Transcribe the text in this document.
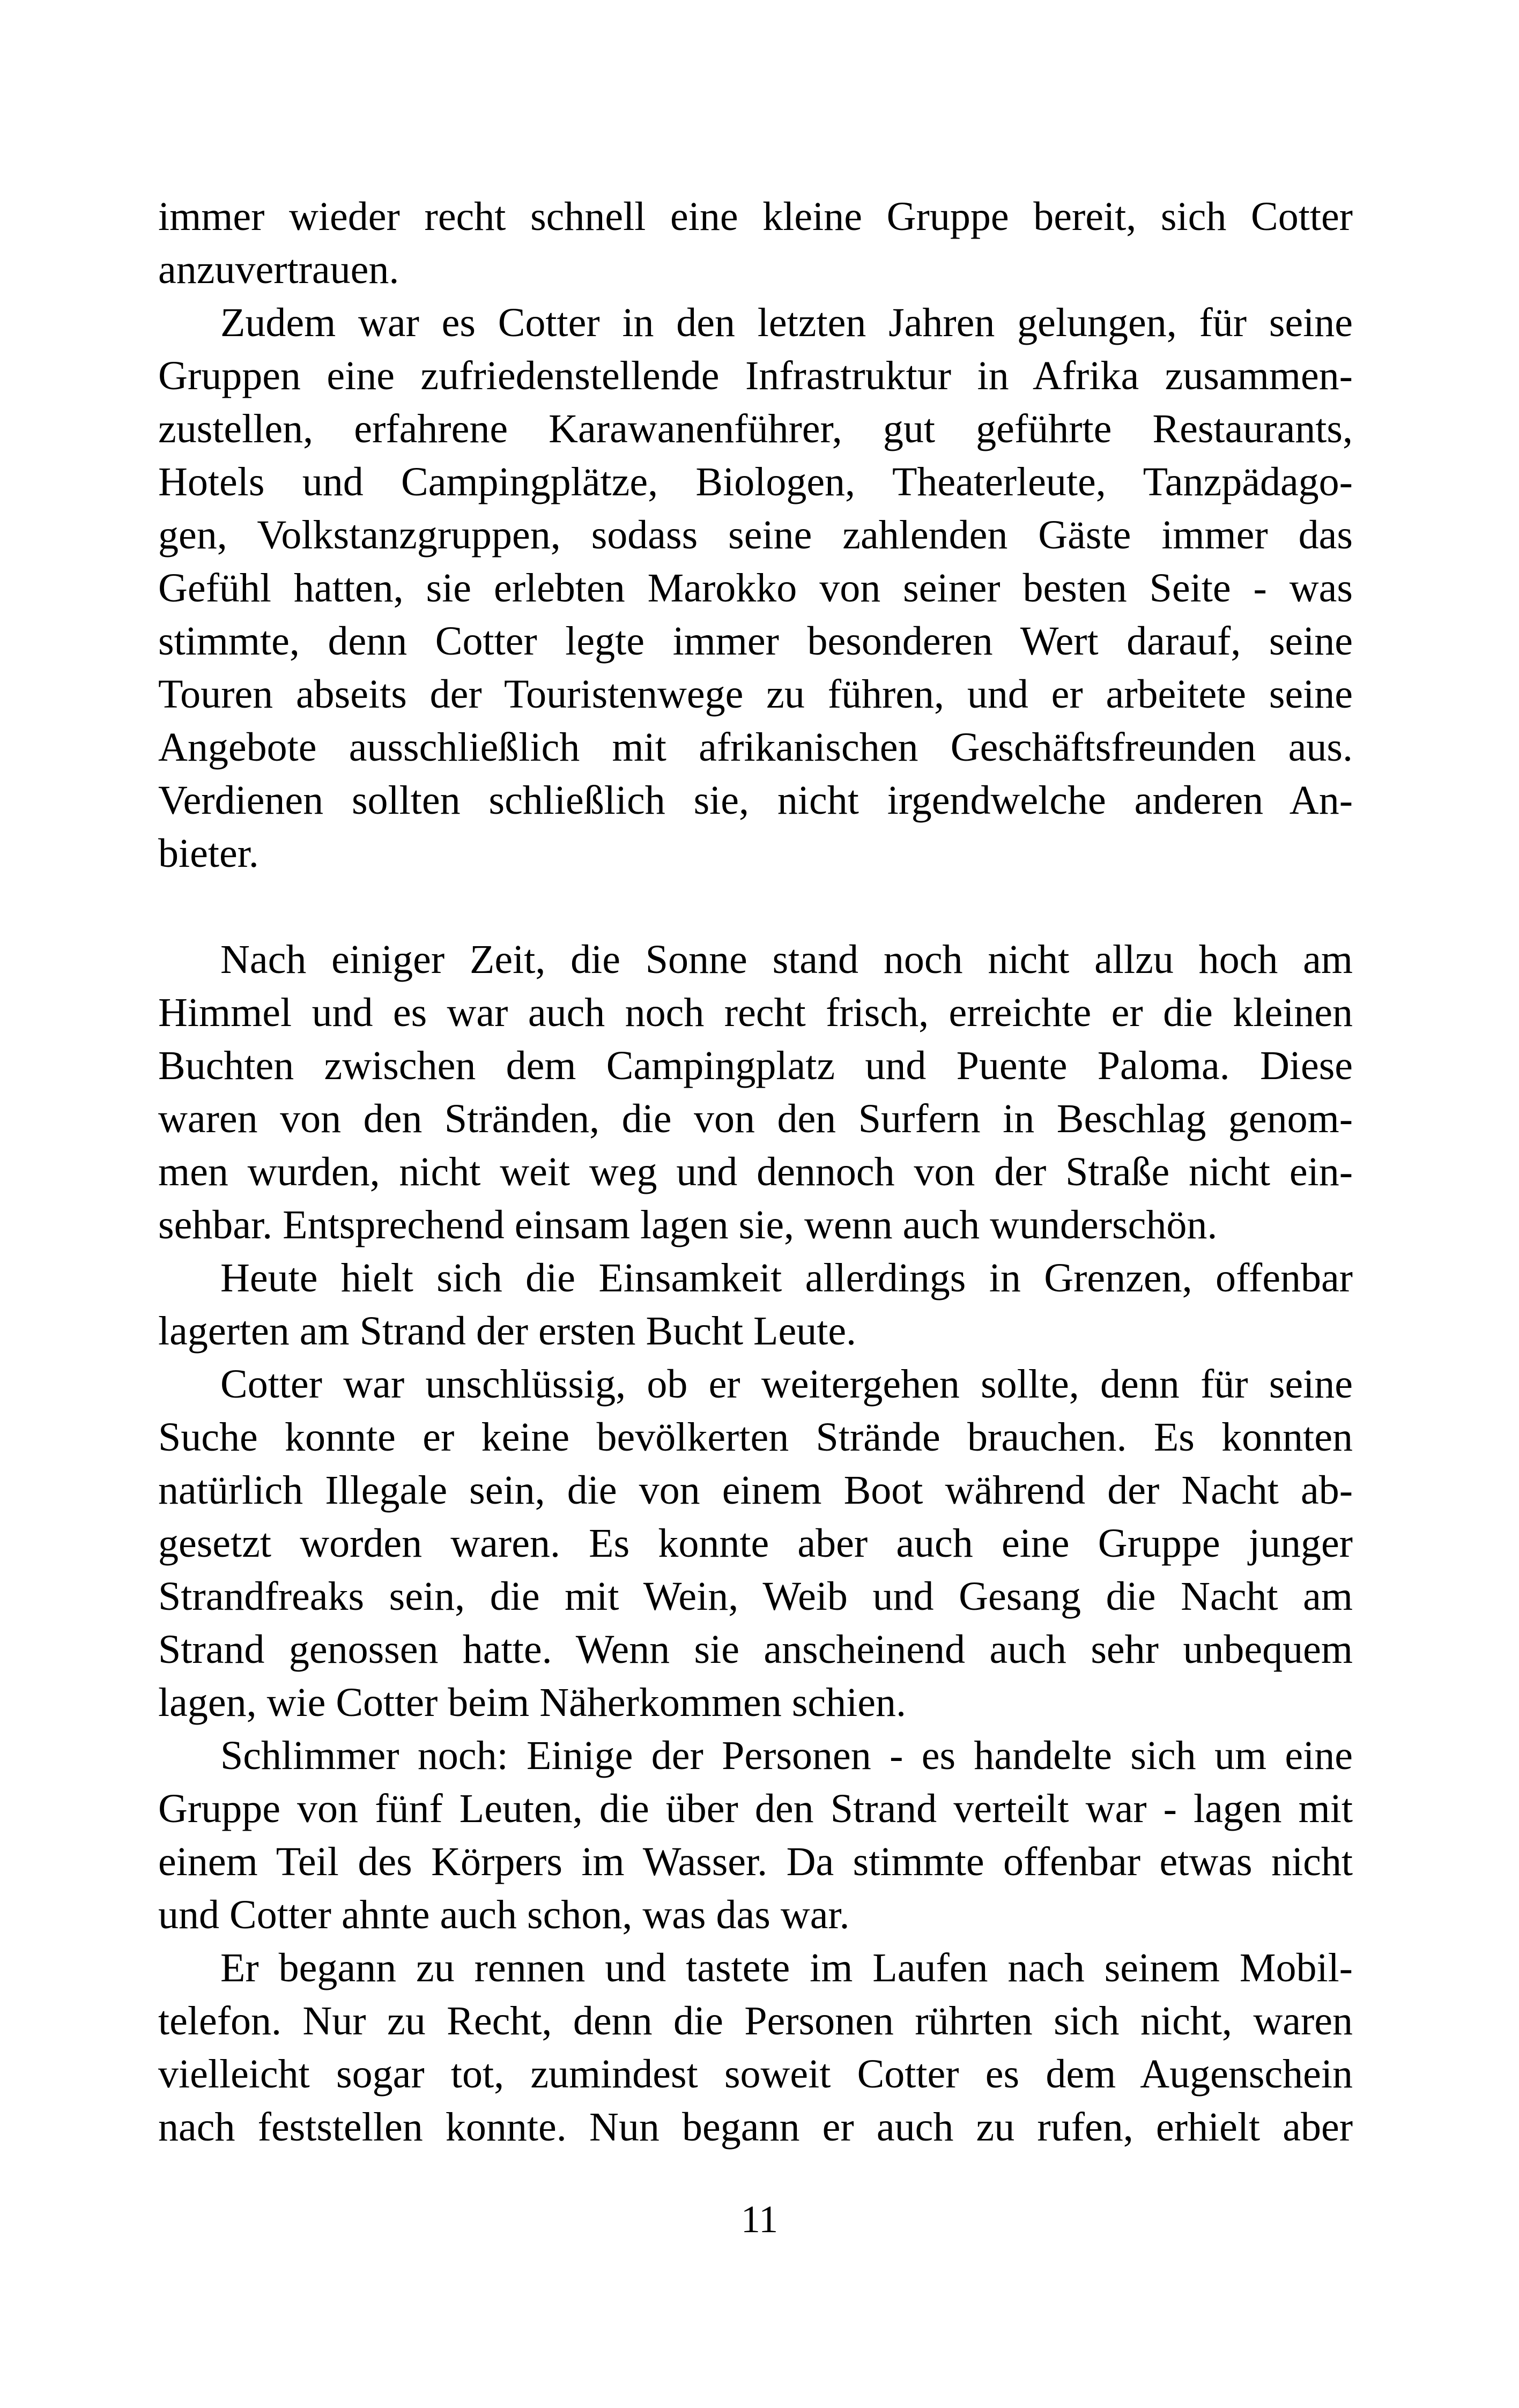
immer wieder recht schnell eine kleine Gruppe bereit, sich Cotter
anzuvertrauen.
Zudem war es Cotter in den letzten Jahren gelungen, für seine
Gruppen eine zufriedenstellende Infrastruktur in Afrika zusammen-
zustellen, erfahrene Karawanenführer, gut geführte Restaurants,
Hotels und Campingplätze, Biologen, Theaterleute, Tanzpädago-
gen, Volkstanzgruppen, sodass seine zahlenden Gäste immer das
Gefühl hatten, sie erlebten Marokko von seiner besten Seite - was
stimmte, denn Cotter legte immer besonderen Wert darauf, seine
Touren abseits der Touristenwege zu führen, und er arbeitete seine
Angebote ausschließlich mit afrikanischen Geschäftsfreunden aus.
Verdienen sollten schließlich sie, nicht irgendwelche anderen An-
bieter.
Nach einiger Zeit, die Sonne stand noch nicht allzu hoch am
Himmel und es war auch noch recht frisch, erreichte er die kleinen
Buchten zwischen dem Campingplatz und Puente Paloma. Diese
waren von den Stränden, die von den Surfern in Beschlag genom-
men wurden, nicht weit weg und dennoch von der Straße nicht ein-
sehbar. Entsprechend einsam lagen sie, wenn auch wunderschön.
Heute hielt sich die Einsamkeit allerdings in Grenzen, offenbar
lagerten am Strand der ersten Bucht Leute.
Cotter war unschlüssig, ob er weitergehen sollte, denn für seine
Suche konnte er keine bevölkerten Strände brauchen. Es konnten
natürlich Illegale sein, die von einem Boot während der Nacht ab-
gesetzt worden waren. Es konnte aber auch eine Gruppe junger
Strandfreaks sein, die mit Wein, Weib und Gesang die Nacht am
Strand genossen hatte. Wenn sie anscheinend auch sehr unbequem
lagen, wie Cotter beim Näherkommen schien.
Schlimmer noch: Einige der Personen - es handelte sich um eine
Gruppe von fünf Leuten, die über den Strand verteilt war - lagen mit
einem Teil des Körpers im Wasser. Da stimmte offenbar etwas nicht
und Cotter ahnte auch schon, was das war.
Er begann zu rennen und tastete im Laufen nach seinem Mobil-
telefon. Nur zu Recht, denn die Personen rührten sich nicht, waren
vielleicht sogar tot, zumindest soweit Cotter es dem Augenschein
nach feststellen konnte. Nun begann er auch zu rufen, erhielt aber
11
